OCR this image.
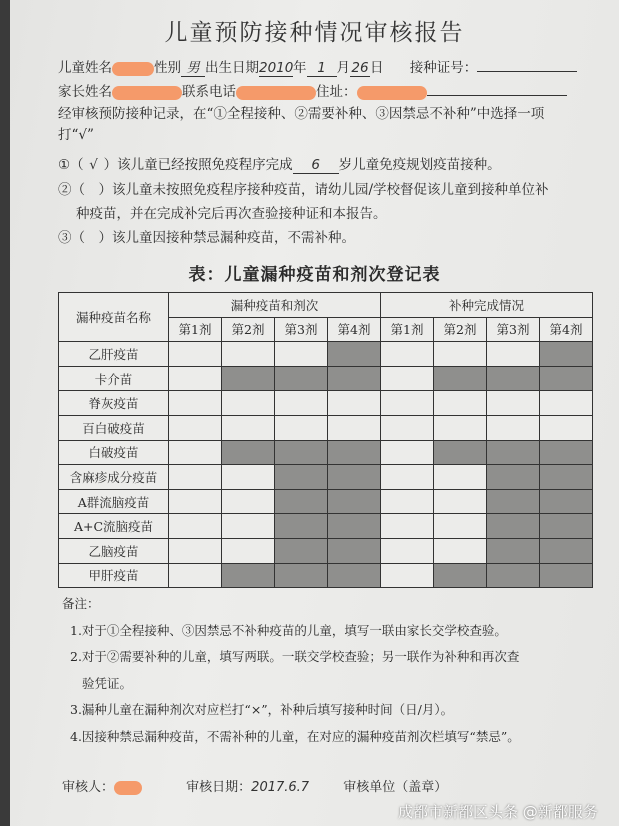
儿童预防接种情况审核报告
儿童姓名	性别 男 出生日期2010年 1 月26日 接种证号：
家长姓名	联系电话	住址：
经审核预防接种记录，在“①全程接种、②需要补种、③因禁忌不补种”中选择一项打“√”
①（ √ ）该儿童已经按照免疫程序完成 6 岁儿童免疫规划疫苗接种。
②（　）该儿童未按照免疫程序接种疫苗，请幼儿园/学校督促该儿童到接种单位补
种疫苗，并在完成补完后再次查验接种证和本报告。
③（　）该儿童因接种禁忌漏种疫苗，不需补种。
表：儿童漏种疫苗和剂次登记表
漏种疫苗名称	漏种疫苗和剂次				补种完成情况			
	第1剂	第2剂	第3剂	第4剂	第1剂	第2剂	第3剂	第4剂
乙肝疫苗								
卡介苗								
脊灰疫苗								
百白破疫苗								
白破疫苗								
含麻疹成分疫苗								
A群流脑疫苗								
A+C流脑疫苗								
乙脑疫苗								
甲肝疫苗								
备注：
1.对于①全程接种、③因禁忌不补种疫苗的儿童，填写一联由家长交学校查验。
2.对于②需要补种的儿童，填写两联。一联交学校查验；另一联作为补种和再次查
验凭证。
3.漏种儿童在漏种剂次对应栏打“×”，补种后填写接种时间（日/月）。
4.因接种禁忌漏种疫苗，不需补种的儿童，在对应的漏种疫苗剂次栏填写“禁忌”。
审核人：	审核日期：2017.6.7	审核单位（盖章）
成都市新都区头条 @新都服务
